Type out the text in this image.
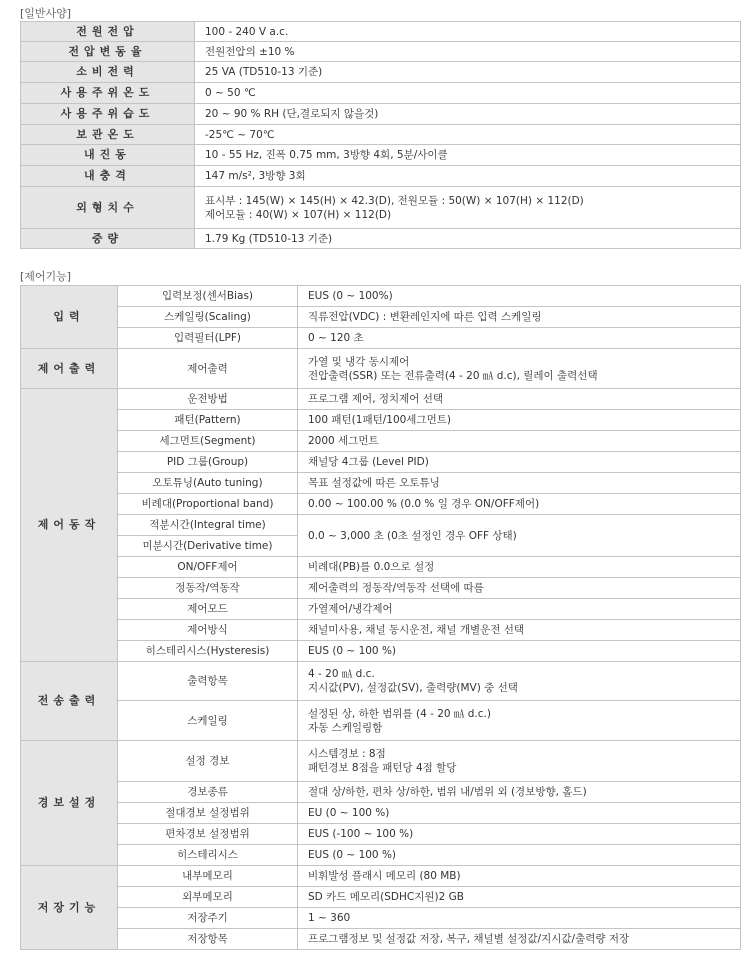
[일반사양]
전원전압	100 - 240 V a.c.

전압변동율	전원전압의 ±10 %

소비전력	25 VA (TD510-13 기준)

사용주위온도	0 ~ 50 ℃

사용주위습도	20 ~ 90 % RH (단,결로되지 않을것)

보관온도	-25℃ ~ 70℃

내진동	10 - 55 Hz, 진폭 0.75 mm, 3방향 4회, 5분/사이클

내충격	147 m/s², 3방향 3회

외형치수	표시부 : 145(W) × 145(H) × 42.3(D), 전원모듈 : 50(W) × 107(H) × 112(D)
제어모듈 : 40(W) × 107(H) × 112(D)

중량	1.79 Kg (TD510-13 기준)
[제어기능]
입력	입력보정(센서Bias)	EUS (0 ~ 100%)

	스케일링(Scaling)	직류전압(VDC) : 변환레인지에 따른 입력 스케일링

	입력필터(LPF)	0 ~ 120 초

제어출력	제어출력	가열 및 냉각 동시제어
전압출력(SSR) 또는 전류출력(4 - 20 ㎃ d.c), 릴레이 출력선택

제어동작	운전방법	프로그램 제어, 정치제어 선택

	패턴(Pattern)	100 패턴(1패턴/100세그먼트)

	세그먼트(Segment)	2000 세그먼트

	PID 그룹(Group)	채널당 4그룹 (Level PID)

	오토튜닝(Auto tuning)	목표 설정값에 따른 오토튜닝

	비례대(Proportional band)	0.00 ~ 100.00 % (0.0 % 일 경우 ON/OFF제어)

	적분시간(Integral time)	0.0 ~ 3,000 초 (0초 설정인 경우 OFF 상태)

	미분시간(Derivative time)	
	ON/OFF제어	비례대(PB)를 0.0으로 설정

	정동작/역동작	제어출력의 정동작/역동작 선택에 따름

	제어모드	가열제어/냉각제어

	제어방식	채널미사용, 채널 동시운전, 채널 개별운전 선택

	히스테리시스(Hysteresis)	EUS (0 ~ 100 %)

전송출력	출력항목	4 - 20 ㎃ d.c.
지시값(PV), 설정값(SV), 출력량(MV) 중 선택

	스케일링	설정된 상, 하한 범위를 (4 - 20 ㎃ d.c.)
자동 스케일링함

경보설정	설정 경보	시스템경보 : 8점
패턴경보 8점을 패턴당 4점 할당

	경보종류	절대 상/하한, 편차 상/하한, 범위 내/범위 외 (경보방향, 홀드)

	절대경보 설정범위	EU (0 ~ 100 %)

	편차경보 설정범위	EUS (-100 ~ 100 %)

	히스테리시스	EUS (0 ~ 100 %)

저장기능	내부메모리	비휘발성 플래시 메모리 (80 MB)

	외부메모리	SD 카드 메모리(SDHC지원)2 GB

	저장주기	1 ~ 360

	저장항목	프로그램정보 및 설정값 저장, 복구, 채널별 설정값/지시값/출력량 저장
